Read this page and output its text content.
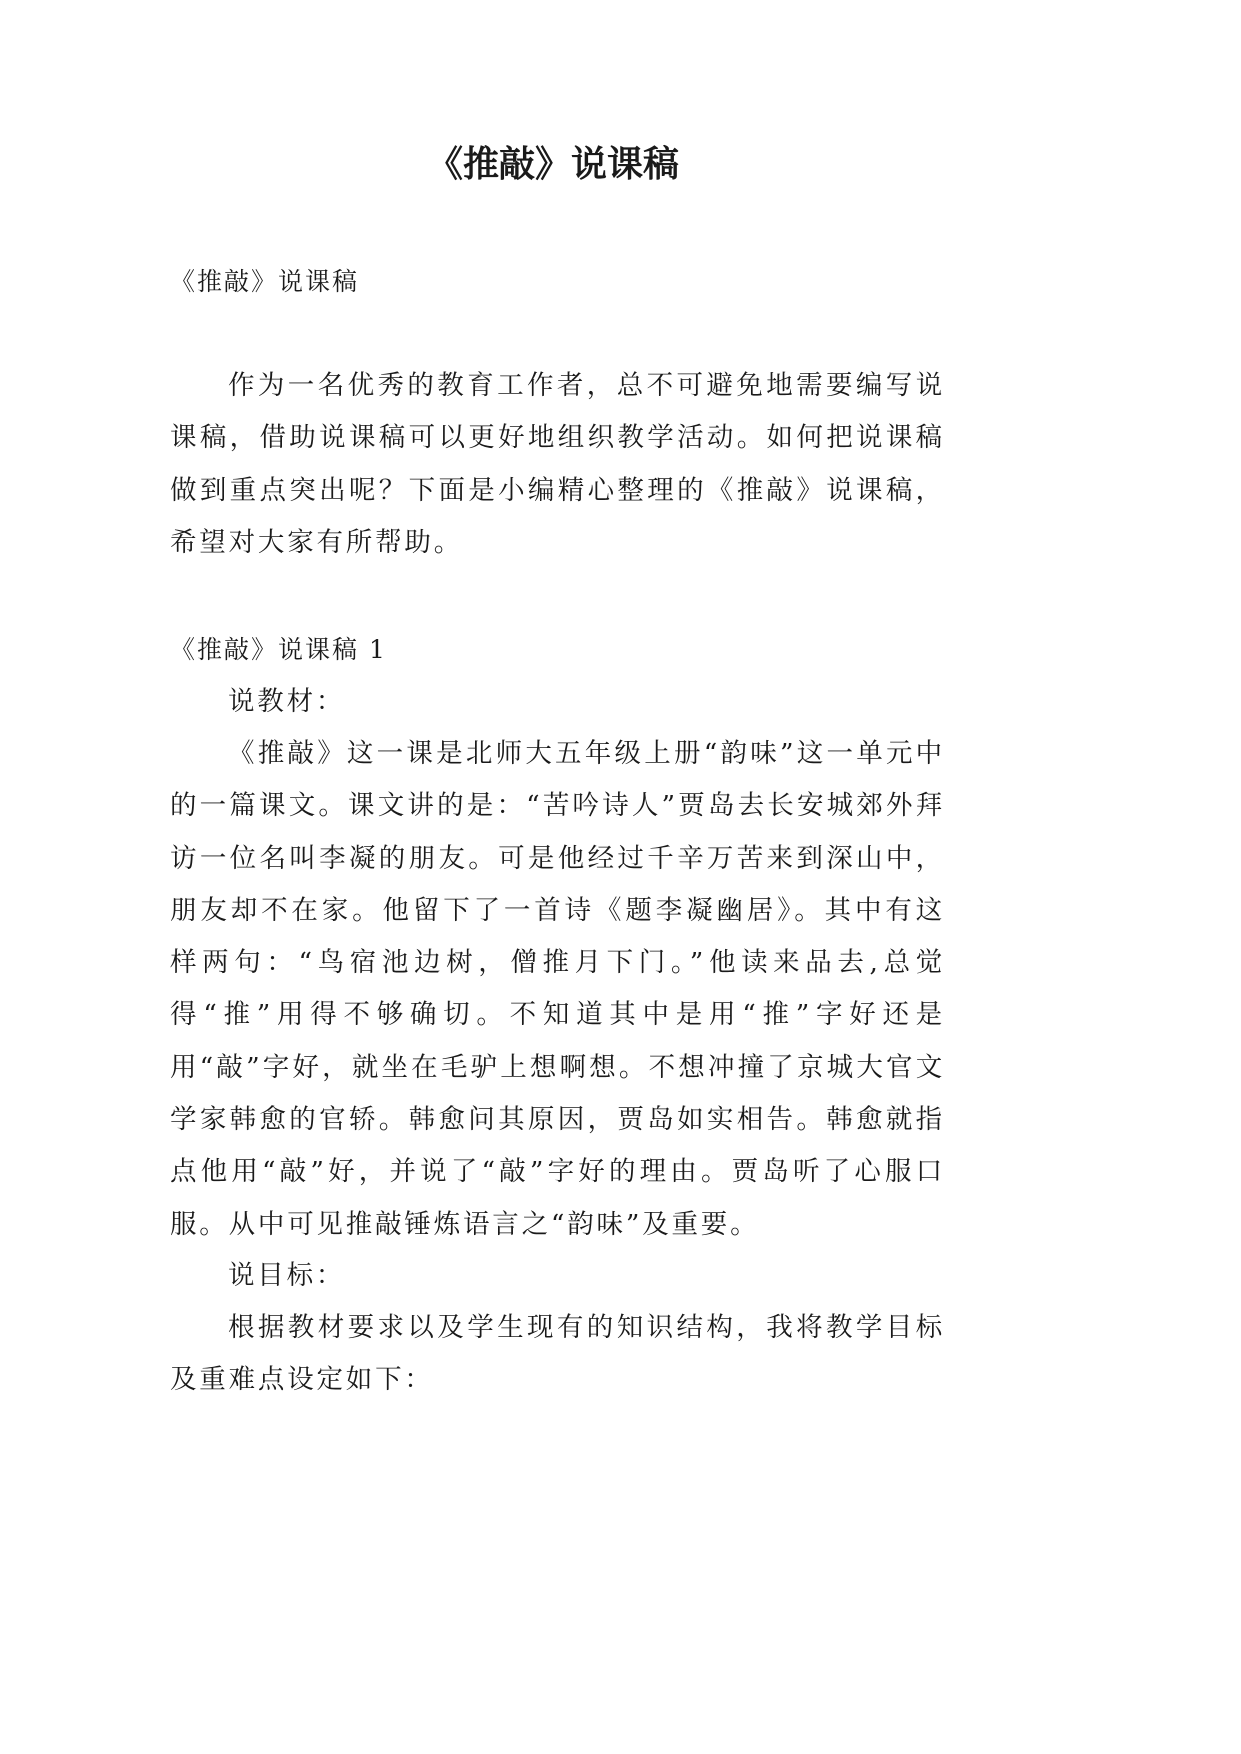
《推敲》说课稿

《推敲》说课稿

作为一名优秀的教育工作者，总不可避免地需要编写说课稿，借助说课稿可以更好地组织教学活动。如何把说课稿做到重点突出呢？下面是小编精心整理的《推敲》说课稿，希望对大家有所帮助。

《推敲》说课稿 1

说教材：

《推敲》这一课是北师大五年级上册“韵味”这一单元中的一篇课文。课文讲的是：“苦吟诗人”贾岛去长安城郊外拜访一位名叫李凝的朋友。可是他经过千辛万苦来到深山中，朋友却不在家。他留下了一首诗《题李凝幽居》。其中有这样两句：“鸟宿池边树，僧推月下门。”他读来品去,总觉得“推”用得不够确切。不知道其中是用“推”字好还是用“敲”字好，就坐在毛驴上想啊想。不想冲撞了京城大官文学家韩愈的官轿。韩愈问其原因，贾岛如实相告。韩愈就指点他用“敲”好，并说了“敲”字好的理由。贾岛听了心服口服。从中可见推敲锤炼语言之“韵味”及重要。

说目标：

根据教材要求以及学生现有的知识结构，我将教学目标及重难点设定如下：
